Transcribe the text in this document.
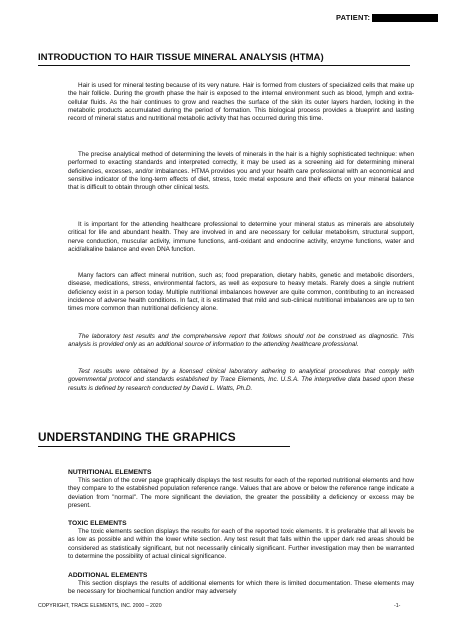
PATIENT:
INTRODUCTION TO HAIR TISSUE MINERAL ANALYSIS (HTMA)

Hair is used for mineral testing because of its very nature. Hair is formed from clusters of specialized cells that make up the hair follicle. During the growth phase the hair is exposed to the internal environment such as blood, lymph and extra-cellular fluids. As the hair continues to grow and reaches the surface of the skin its outer layers harden, locking in the metabolic products accumulated during the period of formation. This biological process provides a blueprint and lasting record of mineral status and nutritional metabolic activity that has occurred during this time.

The precise analytical method of determining the levels of minerals in the hair is a highly sophisticated technique: when performed to exacting standards and interpreted correctly, it may be used as a screening aid for determining mineral deficiencies, excesses, and/or imbalances. HTMA provides you and your health care professional with an economical and sensitive indicator of the long-term effects of diet, stress, toxic metal exposure and their effects on your mineral balance that is difficult to obtain through other clinical tests.

It is important for the attending healthcare professional to determine your mineral status as minerals are absolutely critical for life and abundant health. They are involved in and are necessary for cellular metabolism, structural support, nerve conduction, muscular activity, immune functions, anti-oxidant and endocrine activity, enzyme functions, water and acid/alkaline balance and even DNA function.

Many factors can affect mineral nutrition, such as; food preparation, dietary habits, genetic and metabolic disorders, disease, medications, stress, environmental factors, as well as exposure to heavy metals. Rarely does a single nutrient deficiency exist in a person today. Multiple nutritional imbalances however are quite common, contributing to an increased incidence of adverse health conditions. In fact, it is estimated that mild and sub-clinical nutritional imbalances are up to ten times more common than nutritional deficiency alone.

The laboratory test results and the comprehensive report that follows should not be construed as diagnostic. This analysis is provided only as an additional source of information to the attending healthcare professional.

Test results were obtained by a licensed clinical laboratory adhering to analytical procedures that comply with governmental protocol and standards established by Trace Elements, Inc. U.S.A. The interpretive data based upon these results is defined by research conducted by David L. Watts, Ph.D.

UNDERSTANDING THE GRAPHICS

NUTRITIONAL ELEMENTS

This section of the cover page graphically displays the test results for each of the reported nutritional elements and how they compare to the established population reference range. Values that are above or below the reference range indicate a deviation from "normal". The more significant the deviation, the greater the possibility a deficiency or excess may be present.

TOXIC ELEMENTS

The toxic elements section displays the results for each of the reported toxic elements. It is preferable that all levels be as low as possible and within the lower white section. Any test result that falls within the upper dark red areas should be considered as statistically significant, but not necessarily clinically significant. Further investigation may then be warranted to determine the possibility of actual clinical significance.

ADDITIONAL ELEMENTS

This section displays the results of additional elements for which there is limited documentation. These elements may be necessary for biochemical function and/or may adversely

COPYRIGHT, TRACE ELEMENTS, INC. 2000 – 2020	-1-
